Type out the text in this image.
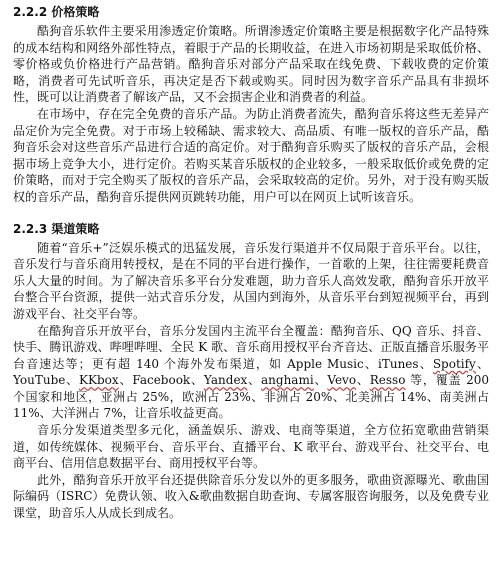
2.2.2 价格策略

酷狗音乐软件主要采用渗透定价策略。所谓渗透定价策略主要是根据数字化产品特殊的成本结构和网络外部性特点，着眼于产品的长期收益，在进入市场初期是采取低价格、零价格或负价格进行产品营销。酷狗音乐对部分产品采取在线免费、下载收费的定价策略，消费者可先试听音乐，再决定是否下载或购买。同时因为数字音乐产品具有非损坏性，既可以让消费者了解该产品，又不会损害企业和消费者的利益。

在市场中，存在完全免费的音乐产品。为防止消费者流失，酷狗音乐将这些无差异产品定价为完全免费。对于市场上较稀缺、需求较大、高品质、有唯一版权的音乐产品，酷狗音乐会对这些音乐产品进行合适的高定价。对于酷狗音乐购买了版权的音乐产品，会根据市场上竞争大小，进行定价。若购买某音乐版权的企业较多，一般采取低价或免费的定价策略，而对于完全购买了版权的音乐产品，会采取较高的定价。另外，对于没有购买版权的音乐产品，酷狗音乐提供网页跳转功能，用户可以在网页上试听该音乐。

2.2.3 渠道策略

随着“音乐+”泛娱乐模式的迅猛发展，音乐发行渠道并不仅局限于音乐平台。以往，音乐发行与音乐商用转授权，是在不同的平台进行操作，一首歌的上架，往往需要耗费音乐人大量的时间。为了解决音乐多平台分发难题，助力音乐人高效发歌，酷狗音乐开放平台整合平台资源，提供一站式音乐分发，从国内到海外，从音乐平台到短视频平台，再到游戏平台、社交平台等。

在酷狗音乐开放平台，音乐分发国内主流平台全覆盖：酷狗音乐、QQ 音乐、抖音、快手、腾讯游戏、哔哩哔哩、全民 K 歌、音乐商用授权平台齐音达、正版直播音乐服务平台音速达等；更有超 140 个海外发布渠道，如 Apple Music、iTunes、Spotify、YouTube、KKbox、Facebook、Yandex、anghami、Vevo、Resso 等，覆盖 200 个国家和地区，亚洲占 25%，欧洲占 23%、非洲占 20%、北美洲占 14%、南美洲占 11%、大洋洲占 7%，让音乐收益更高。

音乐分发渠道类型多元化，涵盖娱乐、游戏、电商等渠道，全方位拓宽歌曲营销渠道，如传统媒体、视频平台、音乐平台、直播平台、K 歌平台、游戏平台、社交平台、电商平台、信用信息数据平台、商用授权平台等。

此外，酷狗音乐开放平台还提供除音乐分发以外的更多服务，歌曲资源曝光、歌曲国际编码（ISRC）免费认领、收入&歌曲数据自助查询、专属客服咨询服务，以及免费专业课堂，助音乐人从成长到成名。
